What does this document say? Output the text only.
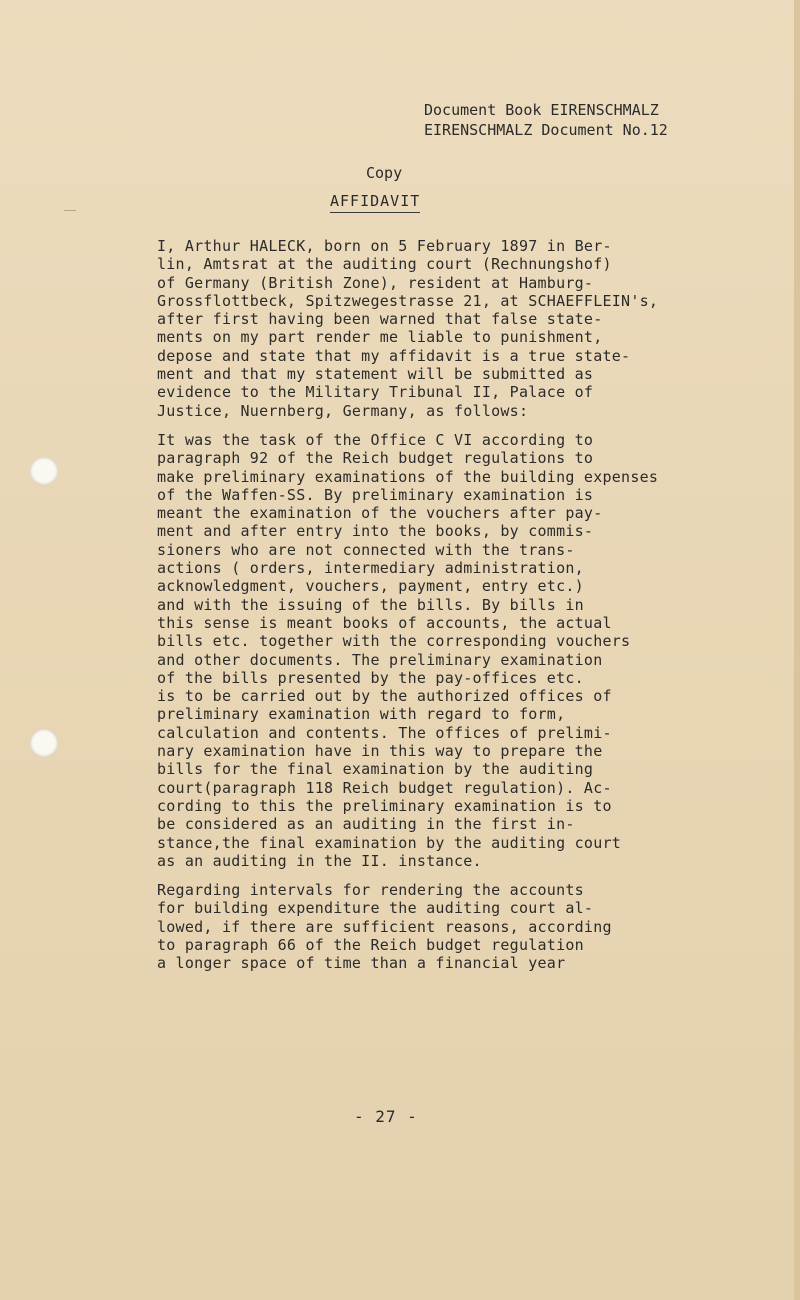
Document Book EIRENSCHMALZ
EIRENSCHMALZ Document No.12
Copy
AFFIDAVIT
I, Arthur HALECK, born on 5 February 1897 in Ber-
lin, Amtsrat at the auditing court (Rechnungshof)
of Germany (British Zone), resident at Hamburg-
Grossflottbeck, Spitzwegestrasse 21, at SCHAEFFLEIN's,
after first having been warned that false state-
ments on my part render me liable to punishment,
depose and state that my affidavit is a true state-
ment and that my statement will be submitted as
evidence to the Military Tribunal II, Palace of
Justice, Nuernberg, Germany, as follows:
It was the task of the Office C VI according to
paragraph 92 of the Reich budget regulations to
make preliminary examinations of the building expenses
of the Waffen-SS. By preliminary examination is
meant the examination of the vouchers after pay-
ment and after entry into the books, by commis-
sioners who are not connected with the trans-
actions ( orders, intermediary administration,
acknowledgment, vouchers, payment, entry etc.)
and with the issuing of the bills. By bills in
this sense is meant books of accounts, the actual
bills etc. together with the corresponding vouchers
and other documents. The preliminary examination
of the bills presented by the pay-offices etc.
is to be carried out by the authorized offices of
preliminary examination with regard to form,
calculation and contents. The offices of prelimi-
nary examination have in this way to prepare the
bills for the final examination by the auditing
court(paragraph 118 Reich budget regulation). Ac-
cording to this the preliminary examination is to
be considered as an auditing in the first in-
stance,the final examination by the auditing court
as an auditing in the II. instance.
Regarding intervals for rendering the accounts
for building expenditure the auditing court al-
lowed, if there are sufficient reasons, according
to paragraph 66 of the Reich budget regulation
a longer space of time than a financial year
- 27 -
